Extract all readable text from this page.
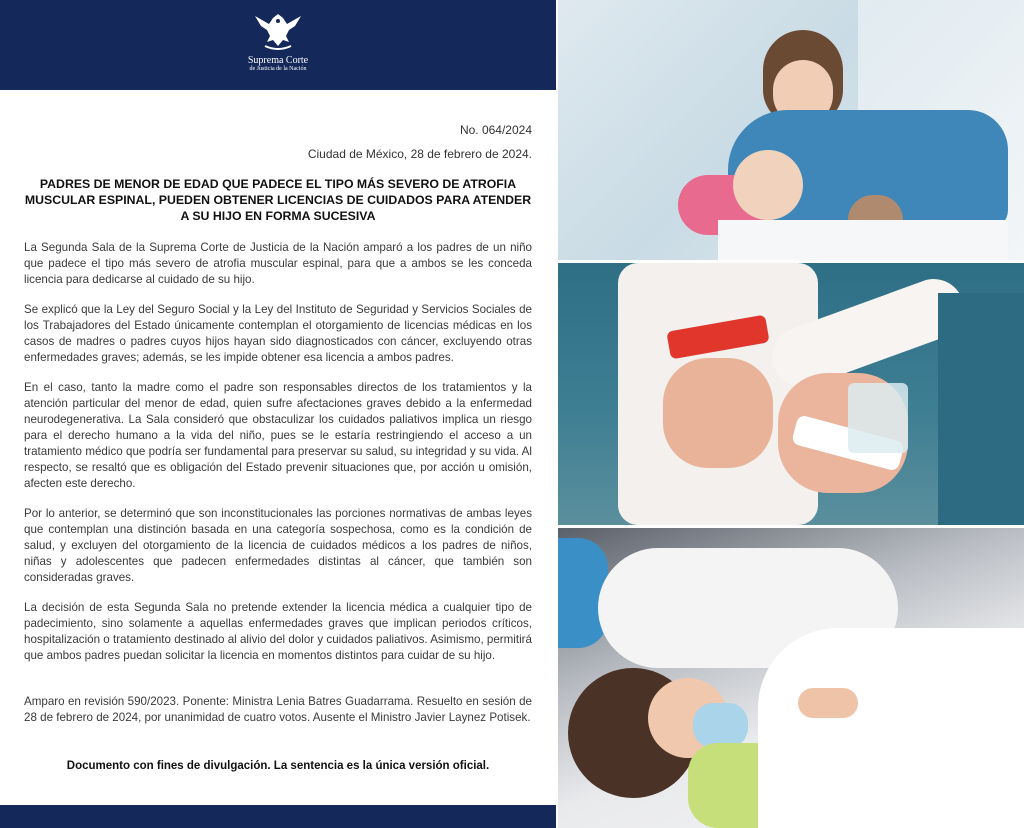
Suprema Corte
de Justicia de la Nación
No. 064/2024
Ciudad de México, 28 de febrero de 2024.
PADRES DE MENOR DE EDAD QUE PADECE EL TIPO MÁS SEVERO DE ATROFIA MUSCULAR ESPINAL, PUEDEN OBTENER LICENCIAS DE CUIDADOS PARA ATENDER A SU HIJO EN FORMA SUCESIVA

La Segunda Sala de la Suprema Corte de Justicia de la Nación amparó a los padres de un niño que padece el tipo más severo de atrofia muscular espinal, para que a ambos se les conceda licencia para dedicarse al cuidado de su hijo.

Se explicó que la Ley del Seguro Social y la Ley del Instituto de Seguridad y Servicios Sociales de los Trabajadores del Estado únicamente contemplan el otorgamiento de licencias médicas en los casos de madres o padres cuyos hijos hayan sido diagnosticados con cáncer, excluyendo otras enfermedades graves; además, se les impide obtener esa licencia a ambos padres.

En el caso, tanto la madre como el padre son responsables directos de los tratamientos y la atención particular del menor de edad, quien sufre afectaciones graves debido a la enfermedad neurodegenerativa. La Sala consideró que obstaculizar los cuidados paliativos implica un riesgo para el derecho humano a la vida del niño, pues se le estaría restringiendo el acceso a un tratamiento médico que podría ser fundamental para preservar su salud, su integridad y su vida. Al respecto, se resaltó que es obligación del Estado prevenir situaciones que, por acción u omisión, afecten este derecho.

Por lo anterior, se determinó que son inconstitucionales las porciones normativas de ambas leyes que contemplan una distinción basada en una categoría sospechosa, como es la condición de salud, y excluyen del otorgamiento de la licencia de cuidados médicos a los padres de niños, niñas y adolescentes que padecen enfermedades distintas al cáncer, que también son consideradas graves.

La decisión de esta Segunda Sala no pretende extender la licencia médica a cualquier tipo de padecimiento, sino solamente a aquellas enfermedades graves que implican periodos críticos, hospitalización o tratamiento destinado al alivio del dolor y cuidados paliativos. Asimismo, permitirá que ambos padres puedan solicitar la licencia en momentos distintos para cuidar de su hijo.

Amparo en revisión 590/2023. Ponente: Ministra Lenia Batres Guadarrama. Resuelto en sesión de 28 de febrero de 2024, por unanimidad de cuatro votos. Ausente el Ministro Javier Laynez Potisek.

Documento con fines de divulgación. La sentencia es la única versión oficial.
